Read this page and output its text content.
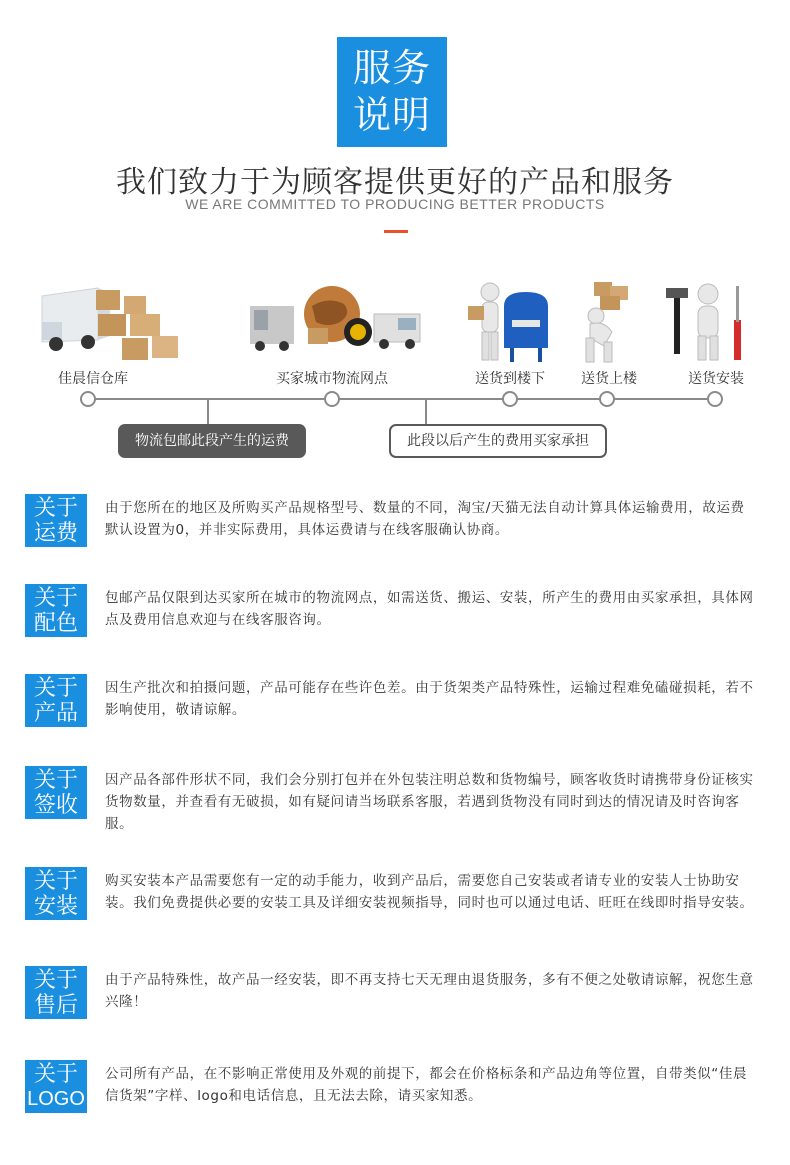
服务
说明
我们致力于为顾客提供更好的产品和服务
WE ARE COMMITTED TO PRODUCING BETTER PRODUCTS
佳晨信仓库	买家城市物流网点	送货到楼下	送货上楼	送货安装
物流包邮此段产生的运费	此段以后产生的费用买家承担
关于
运费
由于您所在的地区及所购买产品规格型号、数量的不同，淘宝/天猫无法自动计算具体运输费用，故运费默认设置为0，并非实际费用，具体运费请与在线客服确认协商。
关于
配色
包邮产品仅限到达买家所在城市的物流网点，如需送货、搬运、安装，所产生的费用由买家承担，具体网点及费用信息欢迎与在线客服咨询。
关于
产品
因生产批次和拍摄问题，产品可能存在些许色差。由于货架类产品特殊性，运输过程难免磕碰损耗，若不影响使用，敬请谅解。
关于
签收
因产品各部件形状不同，我们会分别打包并在外包装注明总数和货物编号，顾客收货时请携带身份证核实货物数量，并查看有无破损，如有疑问请当场联系客服，若遇到货物没有同时到达的情况请及时咨询客服。
关于
安装
购买安装本产品需要您有一定的动手能力，收到产品后，需要您自己安装或者请专业的安装人士协助安装。我们免费提供必要的安装工具及详细安装视频指导，同时也可以通过电话、旺旺在线即时指导安装。
关于
售后
由于产品特殊性，故产品一经安装，即不再支持七天无理由退货服务，多有不便之处敬请谅解，祝您生意兴隆！
关于
LOGO
公司所有产品，在不影响正常使用及外观的前提下，都会在价格标条和产品边角等位置，自带类似“佳晨信货架”字样、logo和电话信息，且无法去除，请买家知悉。
